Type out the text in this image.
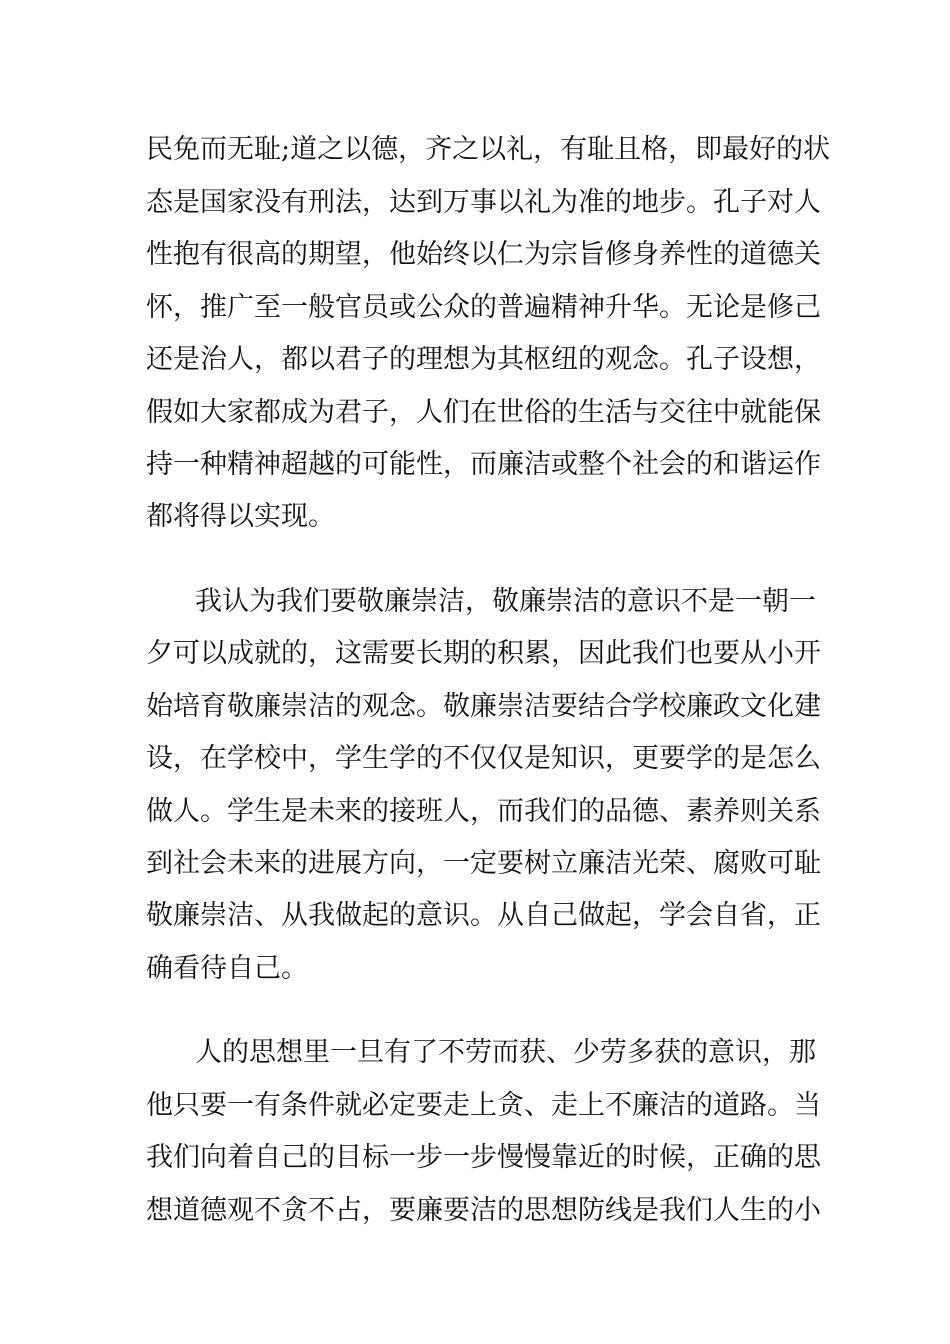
民免而无耻;道之以德，齐之以礼，有耻且格，即最好的状
态是国家没有刑法，达到万事以礼为准的地步。孔子对人
性抱有很高的期望，他始终以仁为宗旨修身养性的道德关
怀，推广至一般官员或公众的普遍精神升华。无论是修己
还是治人，都以君子的理想为其枢纽的观念。孔子设想，
假如大家都成为君子，人们在世俗的生活与交往中就能保
持一种精神超越的可能性，而廉洁或整个社会的和谐运作
都将得以实现。
我认为我们要敬廉崇洁，敬廉崇洁的意识不是一朝一
夕可以成就的，这需要长期的积累，因此我们也要从小开
始培育敬廉崇洁的观念。敬廉崇洁要结合学校廉政文化建
设，在学校中，学生学的不仅仅是知识，更要学的是怎么
做人。学生是未来的接班人，而我们的品德、素养则关系
到社会未来的进展方向，一定要树立廉洁光荣、腐败可耻
敬廉崇洁、从我做起的意识。从自己做起，学会自省，正
确看待自己。
人的思想里一旦有了不劳而获、少劳多获的意识，那
他只要一有条件就必定要走上贪、走上不廉洁的道路。当
我们向着自己的目标一步一步慢慢靠近的时候，正确的思
想道德观不贪不占，要廉要洁的思想防线是我们人生的小
